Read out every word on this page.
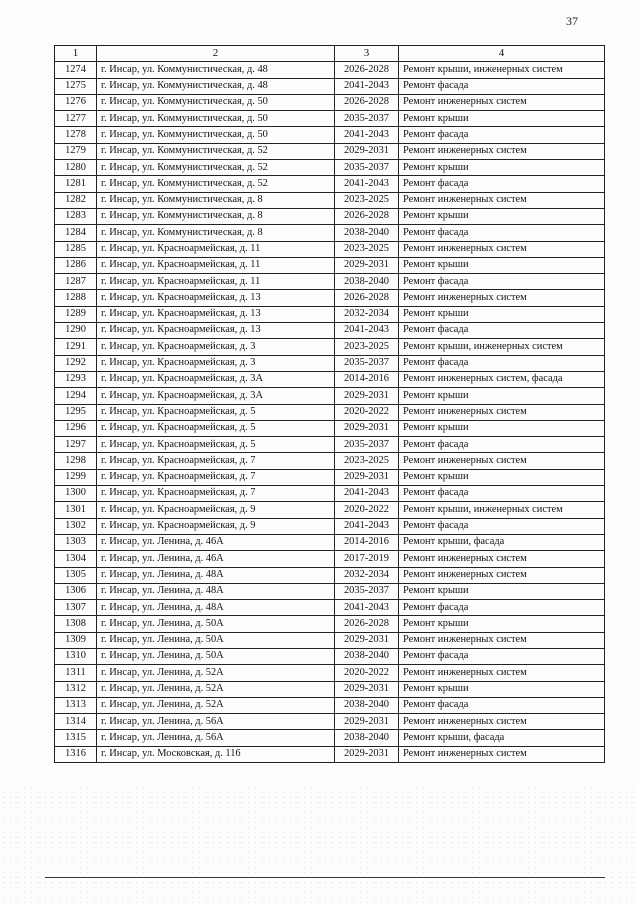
37
1	2	3	4
1274	г. Инсар, ул. Коммунистическая, д. 48	2026-2028	Ремонт крыши, инженерных систем
1275	г. Инсар, ул. Коммунистическая, д. 48	2041-2043	Ремонт фасада
1276	г. Инсар, ул. Коммунистическая, д. 50	2026-2028	Ремонт инженерных систем
1277	г. Инсар, ул. Коммунистическая, д. 50	2035-2037	Ремонт крыши
1278	г. Инсар, ул. Коммунистическая, д. 50	2041-2043	Ремонт фасада
1279	г. Инсар, ул. Коммунистическая, д. 52	2029-2031	Ремонт инженерных систем
1280	г. Инсар, ул. Коммунистическая, д. 52	2035-2037	Ремонт крыши
1281	г. Инсар, ул. Коммунистическая, д. 52	2041-2043	Ремонт фасада
1282	г. Инсар, ул. Коммунистическая, д. 8	2023-2025	Ремонт инженерных систем
1283	г. Инсар, ул. Коммунистическая, д. 8	2026-2028	Ремонт крыши
1284	г. Инсар, ул. Коммунистическая, д. 8	2038-2040	Ремонт фасада
1285	г. Инсар, ул. Красноармейская, д. 11	2023-2025	Ремонт инженерных систем
1286	г. Инсар, ул. Красноармейская, д. 11	2029-2031	Ремонт крыши
1287	г. Инсар, ул. Красноармейская, д. 11	2038-2040	Ремонт фасада
1288	г. Инсар, ул. Красноармейская, д. 13	2026-2028	Ремонт инженерных систем
1289	г. Инсар, ул. Красноармейская, д. 13	2032-2034	Ремонт крыши
1290	г. Инсар, ул. Красноармейская, д. 13	2041-2043	Ремонт фасада
1291	г. Инсар, ул. Красноармейская, д. 3	2023-2025	Ремонт крыши, инженерных систем
1292	г. Инсар, ул. Красноармейская, д. 3	2035-2037	Ремонт фасада
1293	г. Инсар, ул. Красноармейская, д. 3А	2014-2016	Ремонт инженерных систем, фасада
1294	г. Инсар, ул. Красноармейская, д. 3А	2029-2031	Ремонт крыши
1295	г. Инсар, ул. Красноармейская, д. 5	2020-2022	Ремонт инженерных систем
1296	г. Инсар, ул. Красноармейская, д. 5	2029-2031	Ремонт крыши
1297	г. Инсар, ул. Красноармейская, д. 5	2035-2037	Ремонт фасада
1298	г. Инсар, ул. Красноармейская, д. 7	2023-2025	Ремонт инженерных систем
1299	г. Инсар, ул. Красноармейская, д. 7	2029-2031	Ремонт крыши
1300	г. Инсар, ул. Красноармейская, д. 7	2041-2043	Ремонт фасада
1301	г. Инсар, ул. Красноармейская, д. 9	2020-2022	Ремонт крыши, инженерных систем
1302	г. Инсар, ул. Красноармейская, д. 9	2041-2043	Ремонт фасада
1303	г. Инсар, ул. Ленина, д. 46А	2014-2016	Ремонт крыши, фасада
1304	г. Инсар, ул. Ленина, д. 46А	2017-2019	Ремонт инженерных систем
1305	г. Инсар, ул. Ленина, д. 48А	2032-2034	Ремонт инженерных систем
1306	г. Инсар, ул. Ленина, д. 48А	2035-2037	Ремонт крыши
1307	г. Инсар, ул. Ленина, д. 48А	2041-2043	Ремонт фасада
1308	г. Инсар, ул. Ленина, д. 50А	2026-2028	Ремонт крыши
1309	г. Инсар, ул. Ленина, д. 50А	2029-2031	Ремонт инженерных систем
1310	г. Инсар, ул. Ленина, д. 50А	2038-2040	Ремонт фасада
1311	г. Инсар, ул. Ленина, д. 52А	2020-2022	Ремонт инженерных систем
1312	г. Инсар, ул. Ленина, д. 52А	2029-2031	Ремонт крыши
1313	г. Инсар, ул. Ленина, д. 52А	2038-2040	Ремонт фасада
1314	г. Инсар, ул. Ленина, д. 56А	2029-2031	Ремонт инженерных систем
1315	г. Инсар, ул. Ленина, д. 56А	2038-2040	Ремонт крыши, фасада
1316	г. Инсар, ул. Московская, д. 116	2029-2031	Ремонт инженерных систем
